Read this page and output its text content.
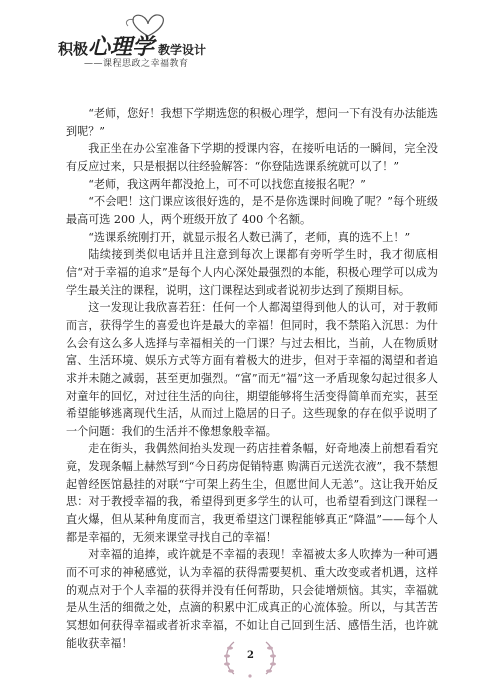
积极心理学 教学设计
——课程思政之幸福教育

“老师，您好！我想下学期选您的积极心理学，想问一下有没有办法能选到呢？”

我正坐在办公室准备下学期的授课内容，在接听电话的一瞬间，完全没有反应过来，只是根据以往经验解答：“你登陆选课系统就可以了！”

“老师，我这两年都没抢上，可不可以找您直接报名呢？”

“不会吧！这门课应该很好选的，是不是你选课时间晚了呢？”每个班级最高可选 200 人，两个班级开放了 400 个名额。

“选课系统刚打开，就显示报名人数已满了，老师，真的选不上！”

陆续接到类似电话并且注意到每次上课都有旁听学生时，我才彻底相信“对于幸福的追求”是每个人内心深处最强烈的本能，积极心理学可以成为学生最关注的课程，说明，这门课程达到或者说初步达到了预期目标。

这一发现让我欣喜若狂：任何一个人都渴望得到他人的认可，对于教师而言，获得学生的喜爱也许是最大的幸福！但同时，我不禁陷入沉思：为什么会有这么多人选择与幸福相关的一门课？与过去相比，当前，人在物质财富、生活环境、娱乐方式等方面有着极大的进步，但对于幸福的渴望和者追求并未随之减弱，甚至更加强烈。“富”而无“福”这一矛盾现象勾起过很多人对童年的回忆，对过往生活的向往，期望能够将生活变得简单而充实，甚至希望能够逃离现代生活，从而过上隐居的日子。这些现象的存在似乎说明了一个问题：我们的生活并不像想象般幸福。

走在街头，我偶然间抬头发现一药店挂着条幅，好奇地凑上前想看看究竟，发现条幅上赫然写到“今日药房促销特惠 购满百元送洗衣液”，我不禁想起曾经医馆悬挂的对联“宁可架上药生尘，但愿世间人无恙”。这让我开始反思：对于教授幸福的我，希望得到更多学生的认可，也希望看到这门课程一直火爆，但从某种角度而言，我更希望这门课程能够真正“降温”——每个人都是幸福的，无须来课堂寻找自己的幸福！

对幸福的追捧，或许就是不幸福的表现！幸福被太多人吹捧为一种可遇而不可求的神秘感觉，认为幸福的获得需要契机、重大改变或者机遇，这样的观点对于个人幸福的获得并没有任何帮助，只会徒增烦恼。其实，幸福就是从生活的细微之处，点滴的积累中汇成真正的心流体验。所以，与其苦苦冥想如何获得幸福或者祈求幸福，不如让自己回到生活、感悟生活，也许就能收获幸福！

2
